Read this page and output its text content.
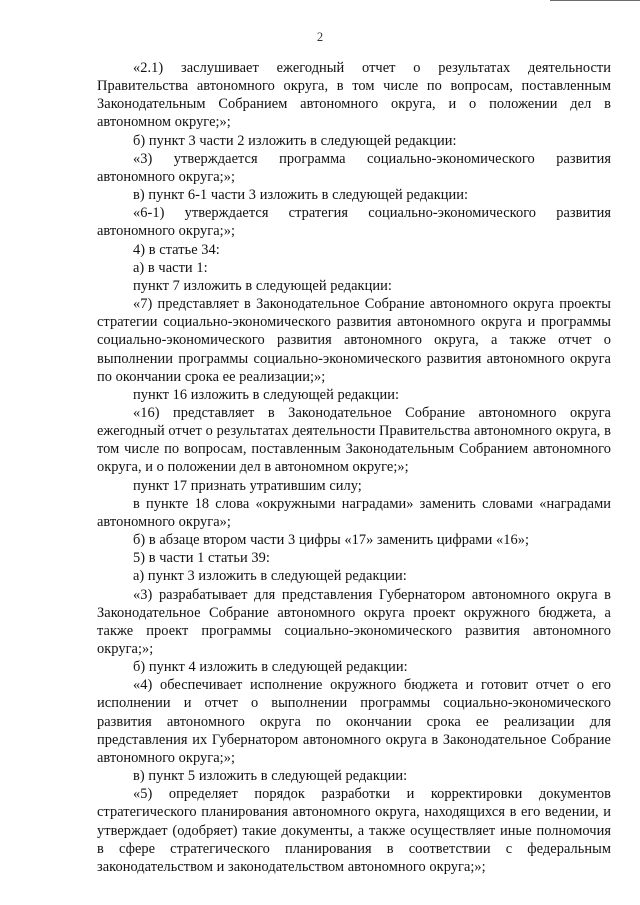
2

«2.1) заслушивает ежегодный отчет о результатах деятельности Правительства автономного округа, в том числе по вопросам, поставленным Законодательным Собранием автономного округа, и о положении дел в автономном округе;»;

б) пункт 3 части 2 изложить в следующей редакции:

«3) утверждается программа социально-экономического развития автономного округа;»;

в) пункт 6-1 части 3 изложить в следующей редакции:

«6-1) утверждается стратегия социально-экономического развития автономного округа;»;

4) в статье 34:

а) в части 1:

пункт 7 изложить в следующей редакции:

«7) представляет в Законодательное Собрание автономного округа проекты стратегии социально-экономического развития автономного округа и программы социально-экономического развития автономного округа, а также отчет о выполнении программы социально-экономического развития автономного округа по окончании срока ее реализации;»;

пункт 16 изложить в следующей редакции:

«16) представляет в Законодательное Собрание автономного округа ежегодный отчет о результатах деятельности Правительства автономного округа, в том числе по вопросам, поставленным Законодательным Собранием автономного округа, и о положении дел в автономном округе;»;

пункт 17 признать утратившим силу;

в пункте 18 слова «окружными наградами» заменить словами «наградами автономного округа»;

б) в абзаце втором части 3 цифры «17» заменить цифрами «16»;

5) в части 1 статьи 39:

а) пункт 3 изложить в следующей редакции:

«3) разрабатывает для представления Губернатором автономного округа в Законодательное Собрание автономного округа проект окружного бюджета, а также проект программы социально-экономического развития автономного округа;»;

б) пункт 4 изложить в следующей редакции:

«4) обеспечивает исполнение окружного бюджета и готовит отчет о его исполнении и отчет о выполнении программы социально-экономического развития автономного округа по окончании срока ее реализации для представления их Губернатором автономного округа в Законодательное Собрание автономного округа;»;

в) пункт 5 изложить в следующей редакции:

«5) определяет порядок разработки и корректировки документов стратегического планирования автономного округа, находящихся в его ведении, и утверждает (одобряет) такие документы, а также осуществляет иные полномочия в сфере стратегического планирования в соответствии с федеральным законодательством и законодательством автономного округа;»;
